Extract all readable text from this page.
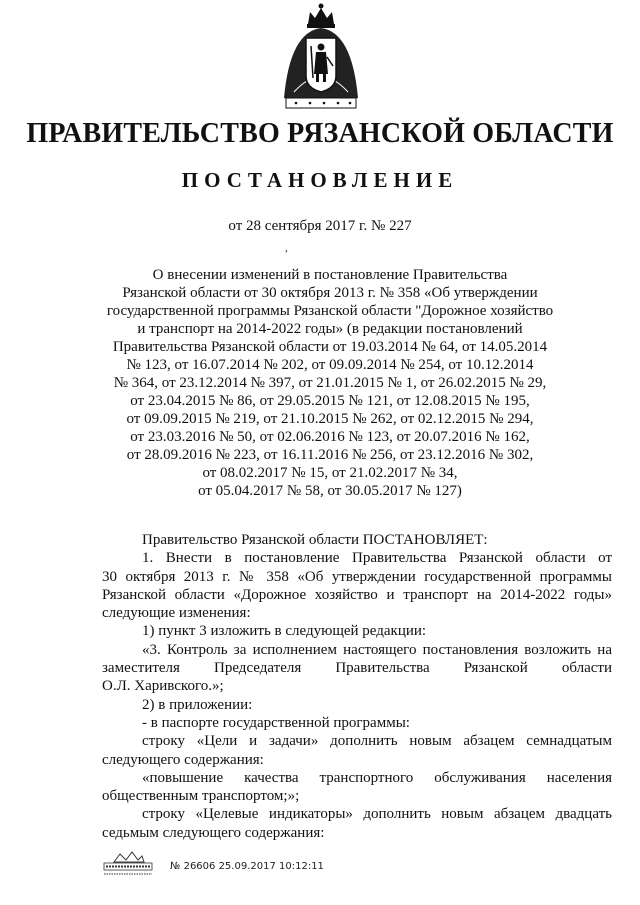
ПРАВИТЕЛЬСТВО РЯЗАНСКОЙ ОБЛАСТИ
ПОСТАНОВЛЕНИЕ
от 28 сентября 2017 г. № 227
,
О внесении изменений в постановление Правительства
Рязанской области от 30 октября 2013 г. № 358 «Об утверждении
государственной программы Рязанской области "Дорожное хозяйство
и транспорт на 2014-2022 годы» (в редакции постановлений
Правительства Рязанской области от 19.03.2014 № 64, от 14.05.2014
№ 123, от 16.07.2014 № 202, от 09.09.2014 № 254, от 10.12.2014
№ 364, от 23.12.2014 № 397, от 21.01.2015 № 1, от 26.02.2015 № 29,
от 23.04.2015 № 86, от 29.05.2015 № 121, от 12.08.2015 № 195,
от 09.09.2015 № 219, от 21.10.2015 № 262, от 02.12.2015 № 294,
от 23.03.2016 № 50, от 02.06.2016 № 123, от 20.07.2016 № 162,
от 28.09.2016 № 223, от 16.11.2016 № 256, от 23.12.2016 № 302,
от 08.02.2017 № 15, от 21.02.2017 № 34,
от 05.04.2017 № 58, от 30.05.2017 № 127)
Правительство Рязанской области ПОСТАНОВЛЯЕТ:
1. Внести в постановление Правительства Рязанской области от
30 октября 2013 г. № 358 «Об утверждении государственной программы
Рязанской области «Дорожное хозяйство и транспорт на 2014-2022 годы»
следующие изменения:
1) пункт 3 изложить в следующей редакции:
«3. Контроль за исполнением настоящего постановления возложить на
заместителя Председателя Правительства Рязанской области
О.Л. Харивского.»;
2) в приложении:
- в паспорте государственной программы:
строку «Цели и задачи» дополнить новым абзацем семнадцатым
следующего содержания:
«повышение качества транспортного обслуживания населения
общественным транспортом;»;
строку «Целевые индикаторы» дополнить новым абзацем двадцать
седьмым следующего содержания:
№ 26606 25.09.2017 10:12:11
